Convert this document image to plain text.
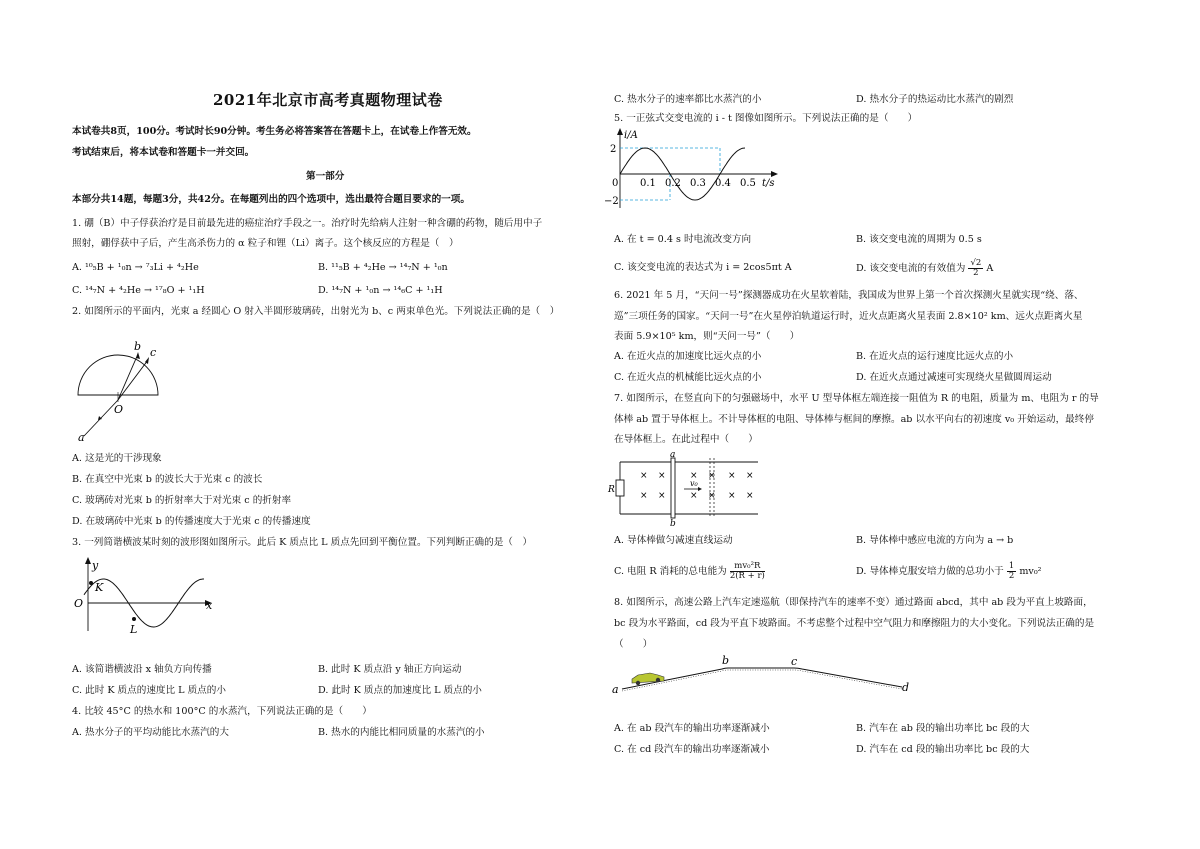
2021年北京市高考真题物理试卷
本试卷共8页，100分。考试时长90分钟。考生务必将答案答在答题卡上，在试卷上作答无效。
考试结束后，将本试卷和答题卡一并交回。
第一部分
本部分共14题，每题3分，共42分。在每题列出的四个选项中，选出最符合题目要求的一项。
1. 硼（B）中子俘获治疗是目前最先进的癌症治疗手段之一。治疗时先给病人注射一种含硼的药物，随后用中子
照射，硼俘获中子后，产生高杀伤力的 α 粒子和锂（Li）离子。这个核反应的方程是（　）
A. ¹⁰₅B + ¹₀n → ⁷₃Li + ⁴₂He	B. ¹¹₅B + ⁴₂He → ¹⁴₇N + ¹₀n
C. ¹⁴₇N + ⁴₂He → ¹⁷₈O + ¹₁H	D. ¹⁴₇N + ¹₀n → ¹⁴₆C + ¹₁H
2. 如图所示的平面内，光束 a 经圆心 O 射入半圆形玻璃砖，出射光为 b、c 两束单色光。下列说法正确的是（　）
a
b c
O
A. 这是光的干涉现象
B. 在真空中光束 b 的波长大于光束 c 的波长
C. 玻璃砖对光束 b 的折射率大于对光束 c 的折射率
D. 在玻璃砖中光束 b 的传播速度大于光束 c 的传播速度
3. 一列简谐横波某时刻的波形图如图所示。此后 K 质点比 L 质点先回到平衡位置。下列判断正确的是（　）
y
x
O
K
L
A. 该简谐横波沿 x 轴负方向传播	B. 此时 K 质点沿 y 轴正方向运动
C. 此时 K 质点的速度比 L 质点的小	D. 此时 K 质点的加速度比 L 质点的小
4. 比较 45°C 的热水和 100°C 的水蒸汽，下列说法正确的是（　　）
A. 热水分子的平均动能比水蒸汽的大	B. 热水的内能比相同质量的水蒸汽的小
C. 热水分子的速率都比水蒸汽的小	D. 热水分子的热运动比水蒸汽的剧烈
5. 一正弦式交变电流的 i - t 图像如图所示。下列说法正确的是（　　）
i/A
2
−2
0 0.1 0.2 0.3 0.4 0.5 t/s
A. 在 t = 0.4 s 时电流改变方向	B. 该交变电流的周期为 0.5 s
C. 该交变电流的表达式为 i = 2cos5πt A	D. 该交变电流的有效值为 $\frac{√2}{2}$ A
6. 2021 年 5 月，“天问一号”探测器成功在火星软着陆，我国成为世界上第一个首次探测火星就实现“绕、落、
巡”三项任务的国家。“天问一号”在火星停泊轨道运行时，近火点距离火星表面 2.8×10² km、远火点距离火星
表面 5.9×10⁵ km，则“天问一号”（　　）
A. 在近火点的加速度比远火点的小	B. 在近火点的运行速度比远火点的小
C. 在近火点的机械能比远火点的小	D. 在近火点通过减速可实现绕火星做圆周运动
7. 如图所示，在竖直向下的匀强磁场中，水平 U 型导体框左端连接一阻值为 R 的电阻，质量为 m、电阻为 r 的导
体棒 ab 置于导体框上。不计导体框的电阻、导体棒与框间的摩擦。ab 以水平向右的初速度 v₀ 开始运动，最终停
在导体框上。在此过程中（　　）
× ×	× × × ×
× ×	× × × ×
R
a
b
v₀
A. 导体棒做匀减速直线运动	B. 导体棒中感应电流的方向为 a → b
C. 电阻 R 消耗的总电能为 $\frac{\text{mv₀²R}}{2(R + r)}$	D. 导体棒克服安培力做的总功小于 $\frac{1}{2} mv_0^2$
8. 如图所示，高速公路上汽车定速巡航（即保持汽车的速率不变）通过路面 abcd，其中 ab 段为平直上坡路面，
bc 段为水平路面，cd 段为平直下坡路面。不考虑整个过程中空气阻力和摩擦阻力的大小变化。下列说法正确的是
（　　）
a
b	c
d
A. 在 ab 段汽车的输出功率逐渐减小	B. 汽车在 ab 段的输出功率比 bc 段的大
C. 在 cd 段汽车的输出功率逐渐减小	D. 汽车在 cd 段的输出功率比 bc 段的大
